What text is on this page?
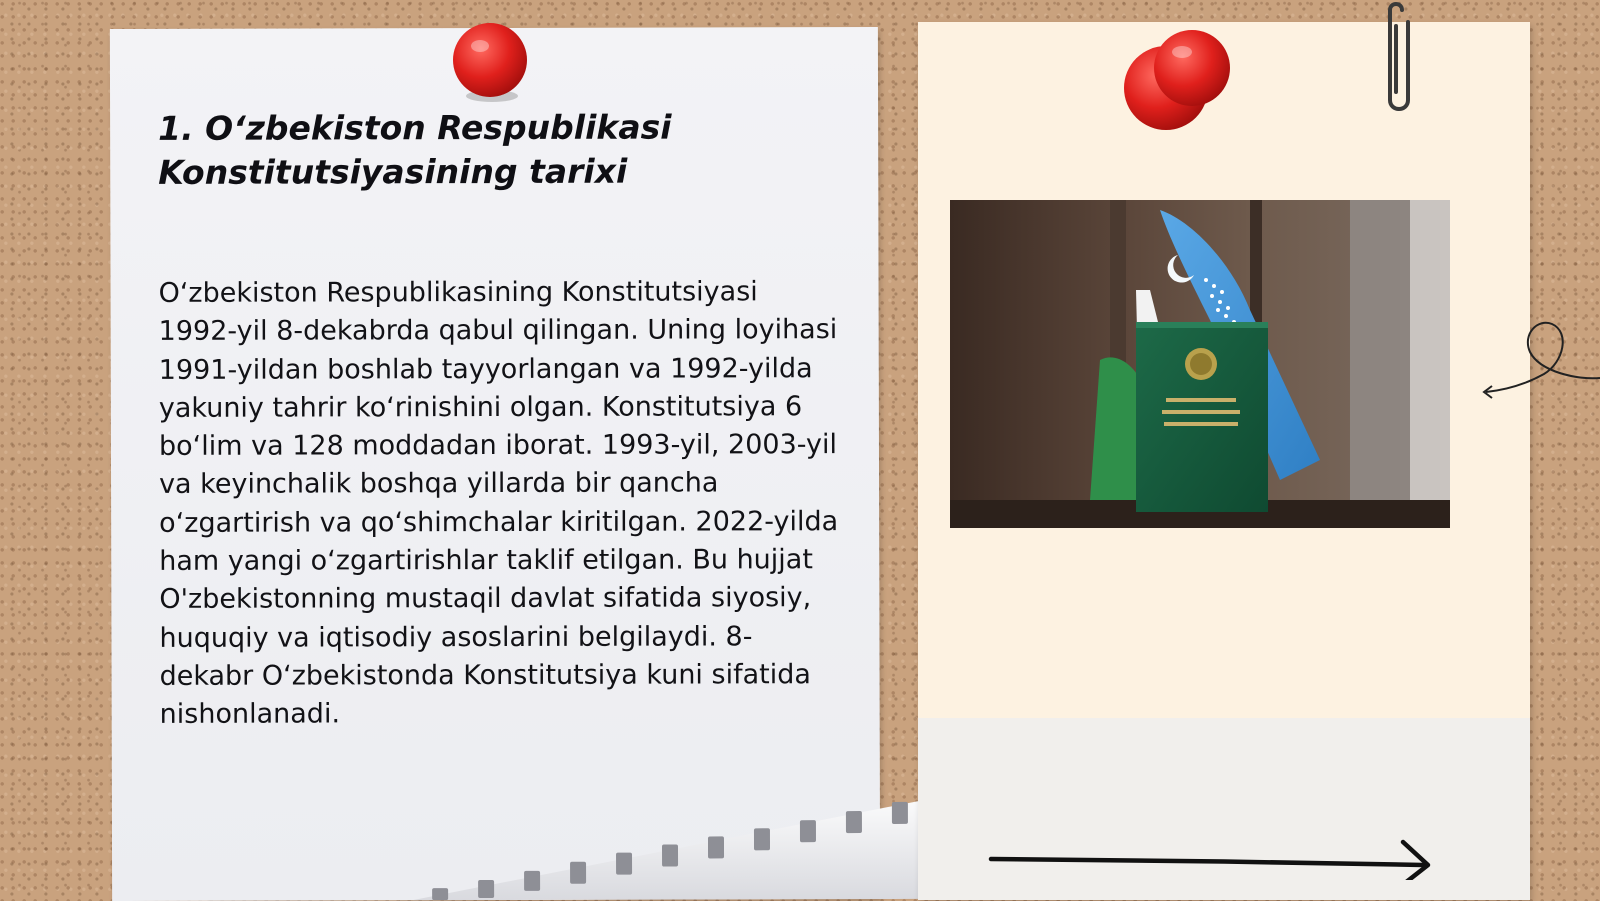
1. O‘zbekiston Respublikasi Konstitutsiyasining tarixi

O‘zbekiston Respublikasining Konstitutsiyasi 1992-yil 8-dekabrda qabul qilingan. Uning loyihasi 1991-yildan boshlab tayyorlangan va 1992-yilda yakuniy tahrir ko‘rinishini olgan. Konstitutsiya 6 bo‘lim va 128 moddadan iborat. 1993-yil, 2003-yil va keyinchalik boshqa yillarda bir qancha o‘zgartirish va qo‘shimchalar kiritilgan. 2022-yilda ham yangi o‘zgartirishlar taklif etilgan. Bu hujjat O'zbekistonning mustaqil davlat sifatida siyosiy, huquqiy va iqtisodiy asoslarini belgilaydi. 8-dekabr O‘zbekistonda Konstitutsiya kuni sifatida nishonlanadi.
